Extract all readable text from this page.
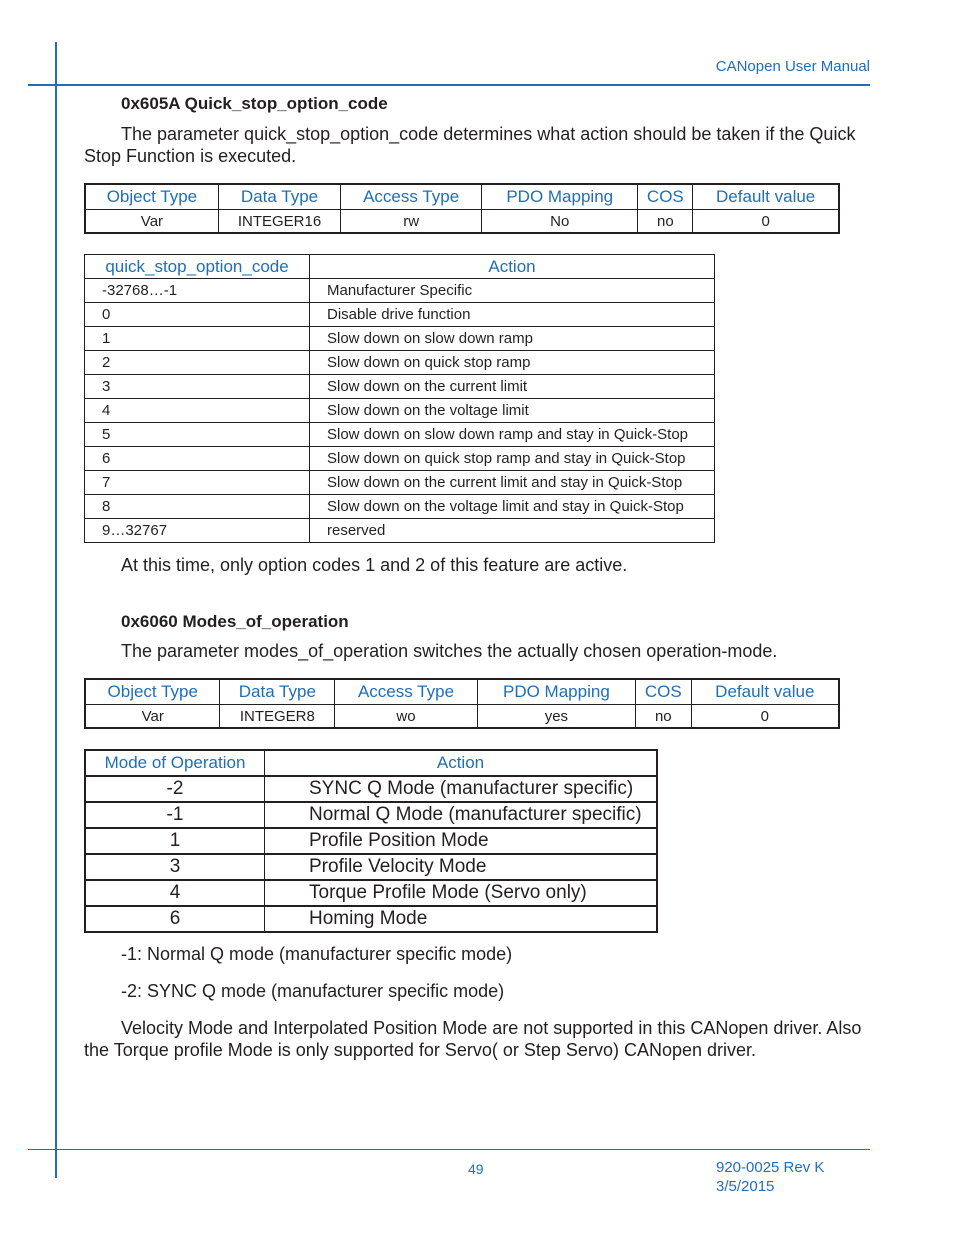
CANopen User Manual
0x605A Quick_stop_option_code
The parameter quick_stop_option_code determines what action should be taken if the Quick Stop Function is executed.
Object Type	Data Type	Access Type	PDO Mapping	COS	Default value
Var	INTEGER16	rw	No	no	0
quick_stop_option_code	Action
-32768…-1	Manufacturer Specific
0	Disable drive function
1	Slow down on slow down ramp
2	Slow down on quick stop ramp
3	Slow down on the current limit
4	Slow down on the voltage limit
5	Slow down on slow down ramp and stay in Quick-Stop
6	Slow down on quick stop ramp and stay in Quick-Stop
7	Slow down on the current limit and stay in Quick-Stop
8	Slow down on the voltage limit and stay in Quick-Stop
9…32767	reserved
At this time, only option codes 1 and 2 of this feature are active.
0x6060 Modes_of_operation
The parameter modes_of_operation switches the actually chosen operation-mode.
Object Type	Data Type	Access Type	PDO Mapping	COS	Default value
Var	INTEGER8	wo	yes	no	0
Mode of Operation	Action
-2	SYNC Q Mode (manufacturer specific)
-1	Normal Q Mode (manufacturer specific)
1	Profile Position Mode
3	Profile Velocity Mode
4	Torque Profile Mode (Servo only)
6	Homing Mode
-1: Normal Q mode (manufacturer specific mode)
-2: SYNC Q mode (manufacturer specific mode)
Velocity Mode and Interpolated Position Mode are not supported in this CANopen driver. Also the Torque profile Mode is only supported for Servo( or Step Servo) CANopen driver.
49	920-0025 Rev K
3/5/2015
